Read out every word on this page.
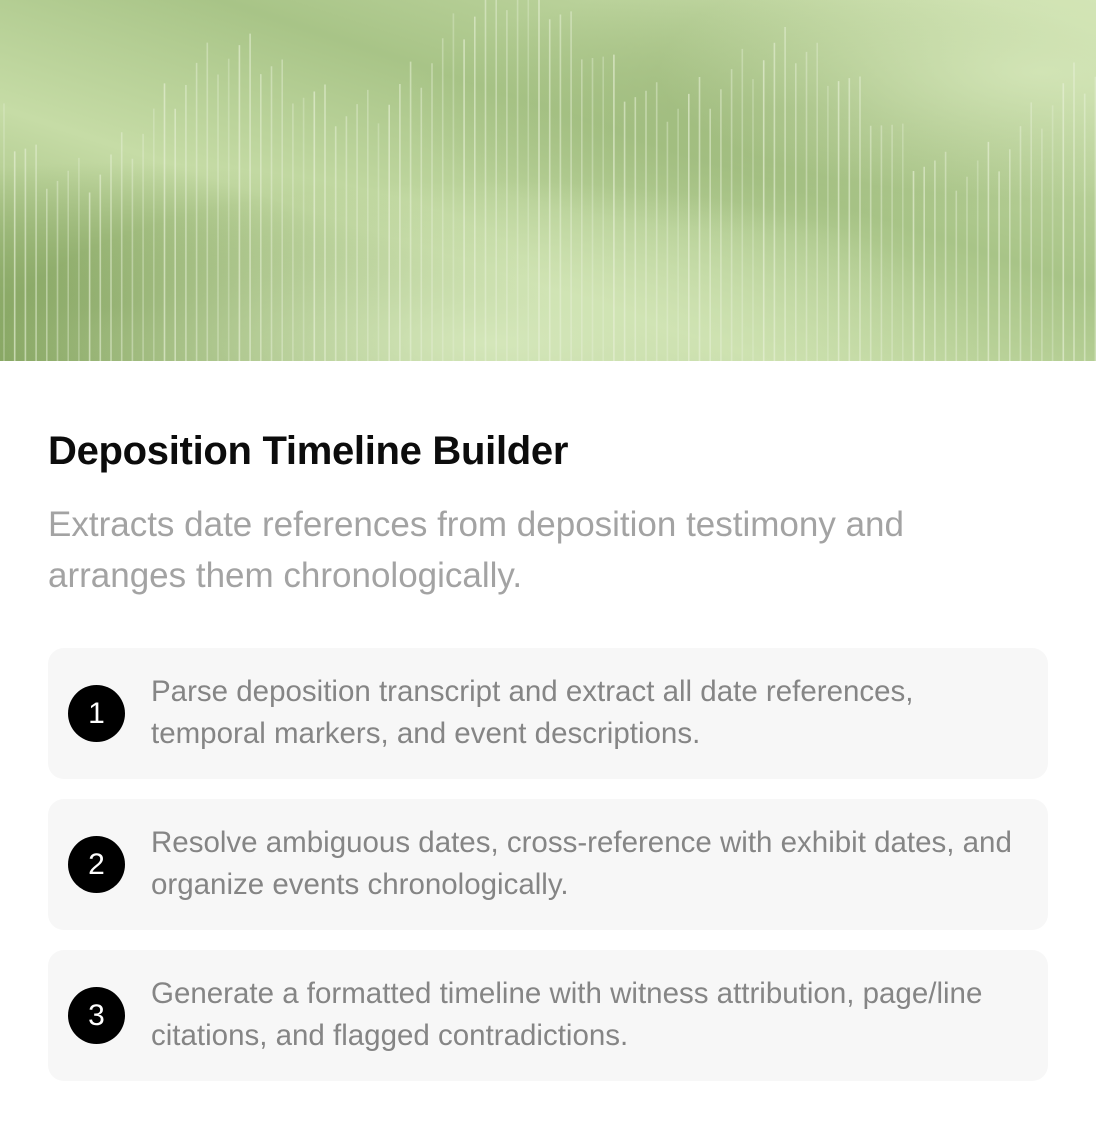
Deposition Timeline Builder

Extracts date references from deposition testimony and arranges them chronologically.

1

Parse deposition transcript and extract all date references, temporal markers, and event descriptions.

2

Resolve ambiguous dates, cross-reference with exhibit dates, and organize events chronologically.

3

Generate a formatted timeline with witness attribution, page/line citations, and flagged contradictions.
